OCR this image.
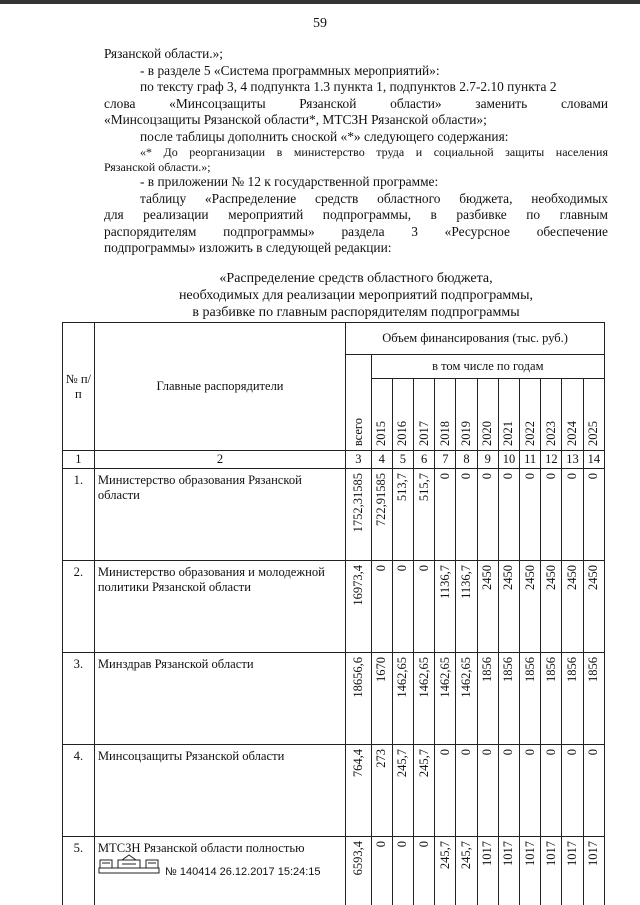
59

Рязанской области.»;

- в разделе 5 «Система программных мероприятий»:

по тексту граф 3, 4 подпункта 1.3 пункта 1, подпунктов 2.7-2.10 пункта 2

слова «Минсоцзащиты Рязанской области» заменить словами

«Минсоцзащиты Рязанской области*, МТСЗН Рязанской области»;

после таблицы дополнить сноской «*» следующего содержания:

«* До реорганизации в министерство труда и социальной защиты населения

Рязанской области.»;

- в приложении № 12 к государственной программе:

таблицу «Распределение средств областного бюджета, необходимых

для реализации мероприятий подпрограммы, в разбивке по главным

распорядителям подпрограммы» раздела 3 «Ресурсное обеспечение

подпрограммы» изложить в следующей редакции:

«Распределение средств областного бюджета,
необходимых для реализации мероприятий подпрограммы,
в разбивке по главным распорядителям подпрограммы
№ п/п	Главные распорядители	Объем финансирования (тыс. руб.)											

		всего	в том числе по годам										

			2015	2016	2017	2018	2019	2020	2021	2022	2023	2024	2025

1	2	3	4	5	6	7	8	9	10	11	12	13	14
1.	Министерство образования Рязанской области	1752,31585	722,91585	513,7	515,7	0	0	0	0	0	0	0	0

2.	Министерство образования и молодежной политики Рязанской области	16973,4	0	0	0	1136,7	1136,7	2450	2450	2450	2450	2450	2450

3.	Минздрав Рязанской области	18656,6	1670	1462,65	1462,65	1462,65	1462,65	1856	1856	1856	1856	1856	1856

4.	Минсоцзащиты Рязанской области	764,4	273	245,7	245,7	0	0	0	0	0	0	0	0

5.	МТСЗН Рязанской области полностью	6593,4	0	0	0	245,7	245,7	1017	1017	1017	1017	1017	1017
№ 140414 26.12.2017 15:24:15
